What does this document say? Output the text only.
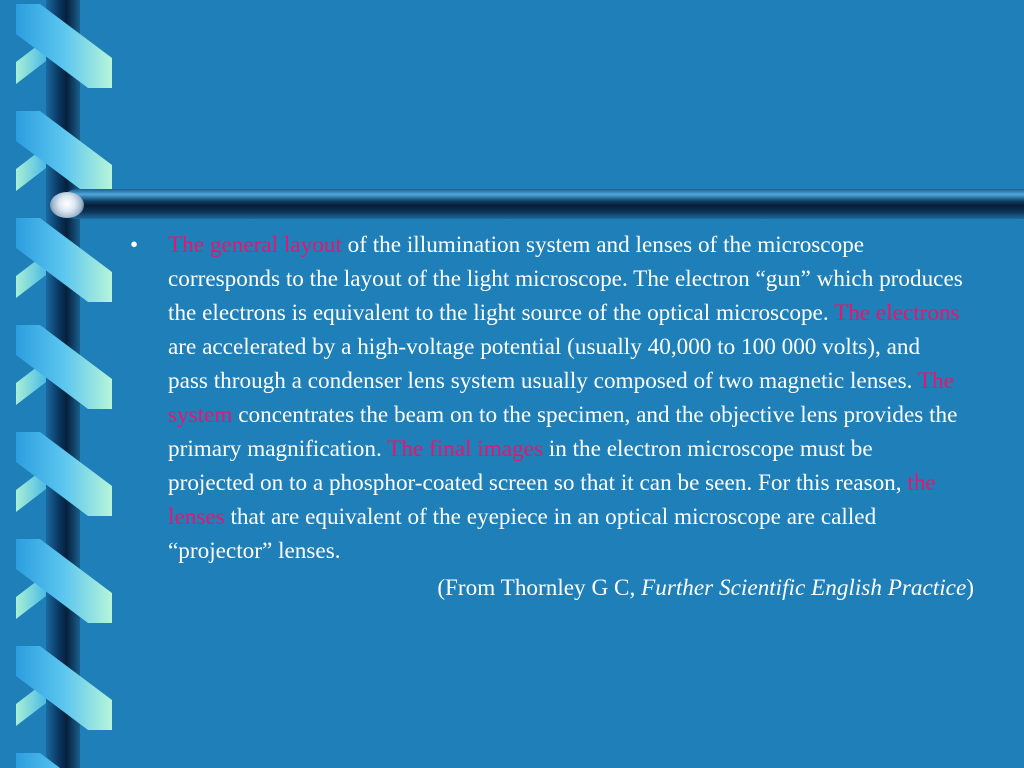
•	The general layout of the illumination system and lenses of the microscope corresponds to the layout of the light microscope. The electron “gun” which produces the electrons is equivalent to the light source of the optical microscope. The electrons are accelerated by a high-voltage potential (usually 40,000 to 100 000 volts), and pass through a condenser lens system usually composed of two magnetic lenses. The system concentrates the beam on to the specimen, and the objective lens provides the primary magnification. The final images in the electron microscope must be projected on to a phosphor-coated screen so that it can be seen. For this reason, the lenses that are equivalent of the eyepiece in an optical microscope are called “projector” lenses.

(From Thornley G C, Further Scientific English Practice)
